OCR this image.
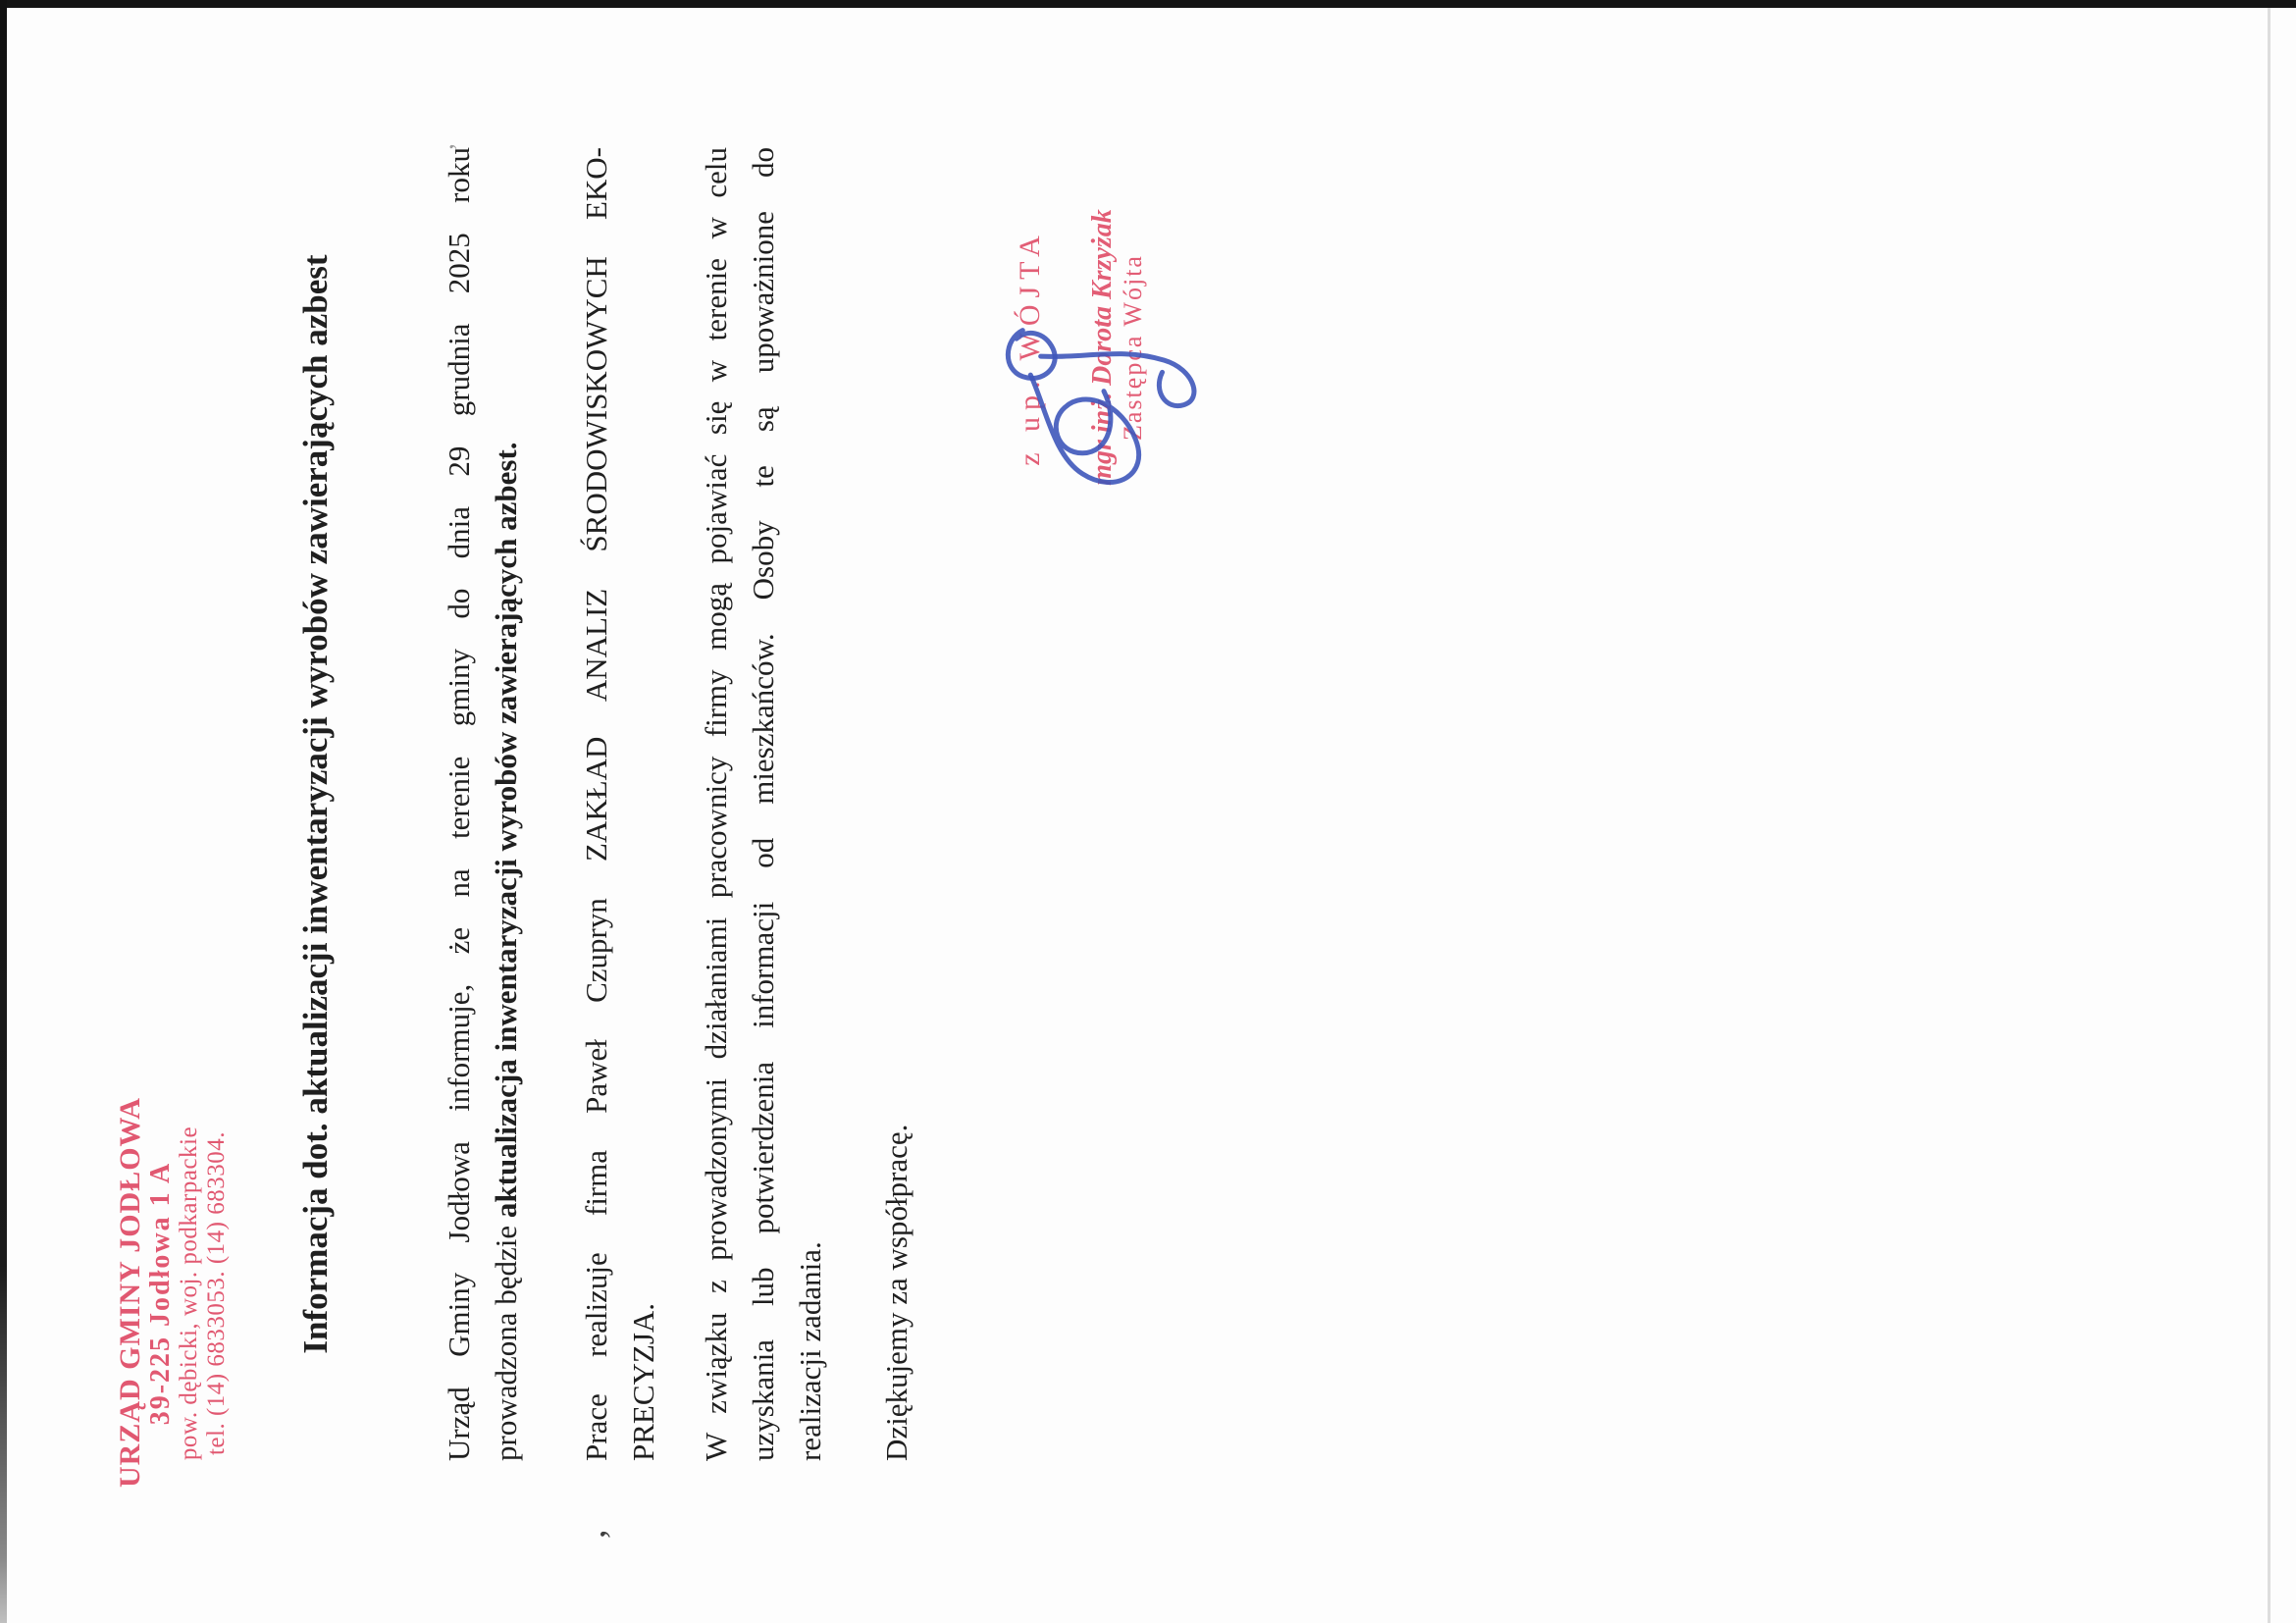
URZĄD GMINY JODŁOWA 39-225 Jodłowa 1 A pow. dębicki, woj. podkarpackie tel. (14) 6833053. (14) 683304. Informacja dot. aktualizacji inwentaryzacji wyrobów zawierających azbest	Urząd Gminy Jodłowa informuje, że na terenie gminy do dnia 29 grudnia 2025 roku prowadzona będzie aktualizacja inwentaryzacji wyrobów zawierających azbest. Prace realizuje firma Paweł Czupryn ZAKŁAD ANALIZ ŚRODOWISKOWYCH EKO- PRECYZJA. W związku z prowadzonymi działaniami pracownicy firmy mogą pojawiać się w terenie w celu uzyskania lub potwierdzenia informacji od mieszkańców. Osoby te są upoważnione do realizacji zadania. Dziękujemy za współpracę.
,
‚
z up. WÓJTA mgr inż. Dorota Krzyżak Zastępca Wójta
